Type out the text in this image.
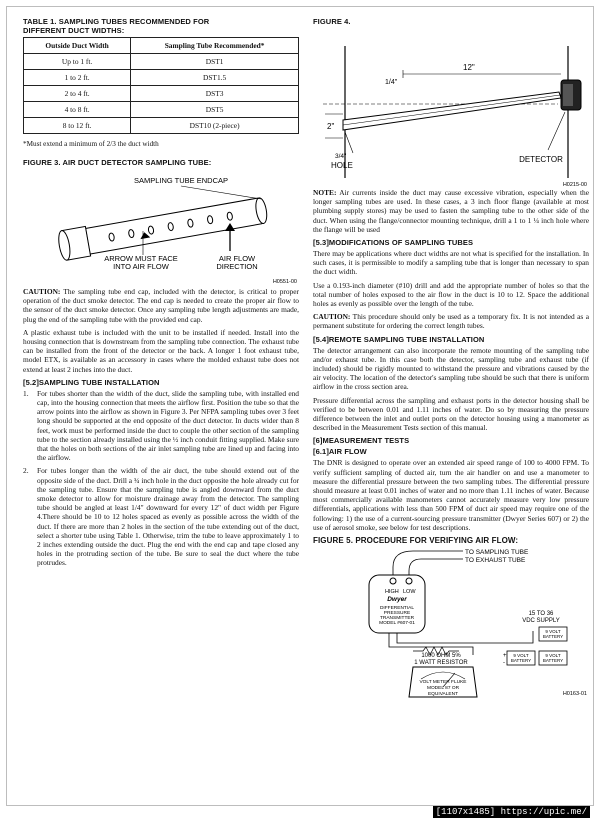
TABLE 1. SAMPLING TUBES RECOMMENDED FOR DIFFERENT DUCT WIDTHS:
Outside Duct Width	Sampling Tube Recommended*
Up to 1 ft.	DST1
1 to 2 ft.	DST1.5
2 to 4 ft.	DST3
4 to 8 ft.	DST5
8 to 12 ft.	DST10 (2-piece)
*Must extend a minimum of 2/3 the duct width
FIGURE 3. AIR DUCT DETECTOR SAMPLING TUBE:
SAMPLING TUBE ENDCAP
ARROW MUST FACE
INTO AIR FLOW
AIR FLOW
DIRECTION
H0551-00

CAUTION: The sampling tube end cap, included with the detector, is critical to proper operation of the duct smoke detector. The end cap is needed to create the proper air flow to the sensor of the duct smoke detector. Once any sampling tube length adjustments are made, plug the end of the sampling tube with the provided end cap.

A plastic exhaust tube is included with the unit to be installed if needed. Install into the housing connection that is downstream from the sampling tube connection. The exhaust tube can be installed from the front of the detector or the back. A longer 1 foot exhaust tube, model ETX, is available as an accessory in cases where the molded exhaust tube does not extend at least 2 inches into the duct.

[5.2]SAMPLING TUBE INSTALLATION
1.	For tubes shorter than the width of the duct, slide the sampling tube, with installed end cap, into the housing connection that meets the airflow first. Position the tube so that the arrow points into the airflow as shown in Figure 3. Per NFPA sampling tubes over 3 feet long should be supported at the end opposite of the duct detector. In ducts wider than 8 feet, work must be performed inside the duct to couple the other section of the sampling tube to the section already installed using the ½ inch conduit fitting supplied. Make sure that the holes on both sections of the air inlet sampling tube are lined up and facing into the airflow.
2.	For tubes longer than the width of the air duct, the tube should extend out of the opposite side of the duct. Drill a ¾ inch hole in the duct opposite the hole already cut for the sampling tube. Ensure that the sampling tube is angled downward from the duct smoke detector to allow for moisture drainage away from the detector. The sampling tube should be angled at least 1/4" downward for every 12" of duct width per Figure 4.There should be 10 to 12 holes spaced as evenly as possible across the width of the duct. If there are more than 2 holes in the section of the tube extending out of the duct, select a shorter tube using Table 1. Otherwise, trim the tube to leave approximately 1 to 2 inches extending outside the duct. Plug the end with the end cap and tape closed any holes in the protruding section of the tube. Be sure to seal the duct where the tube protrudes.
FIGURE 4.
12"
1/4"
2"
3/4"
HOLE
DETECTOR
H0215-00

NOTE: Air currents inside the duct may cause excessive vibration, especially when the longer sampling tubes are used. In these cases, a 3 inch floor flange (available at most plumbing supply stores) may be used to fasten the sampling tube to the other side of the duct. When using the flange/connector mounting technique, drill a 1 to 1 ¼ inch hole where the flange will be used

[5.3]MODIFICATIONS OF SAMPLING TUBES

There may be applications where duct widths are not what is specified for the installation. In such cases, it is permissible to modify a sampling tube that is longer than necessary to span the duct width.

Use a 0.193-inch diameter (#10) drill and add the appropriate number of holes so that the total number of holes exposed to the air flow in the duct is 10 to 12. Space the additional holes as evenly as possible over the length of the tube.

CAUTION: This procedure should only be used as a temporary fix. It is not intended as a permanent substitute for ordering the correct length tubes.

[5.4]REMOTE SAMPLING TUBE INSTALLATION

The detector arrangement can also incorporate the remote mounting of the sampling tube and/or exhaust tube. In this case both the detector, sampling tube and exhaust tube (if included) should be rigidly mounted to withstand the pressure and vibrations caused by the air velocity. The location of the detector's sampling tube should be such that there is uniform airflow in the cross section area.

Pressure differential across the sampling and exhaust ports in the detector housing shall be verified to be between 0.01 and 1.11 inches of water. Do so by measuring the pressure difference between the inlet and outlet ports on the detector housing using a manometer as described in the Measurement Tests section of this manual.

[6]MEASUREMENT TESTS
[6.1]AIR FLOW

The DNR is designed to operate over an extended air speed range of 100 to 4000 FPM. To verify sufficient sampling of ducted air, turn the air handler on and use a manometer to measure the differential pressure between the two sampling tubes. The differential pressure should measure at least 0.01 inches of water and no more than 1.11 inches of water. Because most commercially available manometers cannot accurately measure very low pressure differentials, applications with less than 500 FPM of duct air speed may require one of the following: 1) the use of a current-sourcing pressure transmitter (Dwyer Series 607) or 2) the use of aerosol smoke, see below for test descriptions.

FIGURE 5. PROCEDURE FOR VERIFYING AIR FLOW:
TO SAMPLING TUBE
TO EXHAUST TUBE
HIGH LOW
Dwyer
DIFFERENTIAL
PRESSURE
TRANSMITTER
MODEL #607-01
15 TO 36
VDC SUPPLY
9 VOLT
BATTERY
9 VOLT
BATTERY
9 VOLT
BATTERY
+
-
1000 OHM 5%
1 WATT RESISTOR
VOLT METER FLUKE
MODEL 87 OR
EQUIVALENT	H0163-01
[1107x1485] https://upic.me/
